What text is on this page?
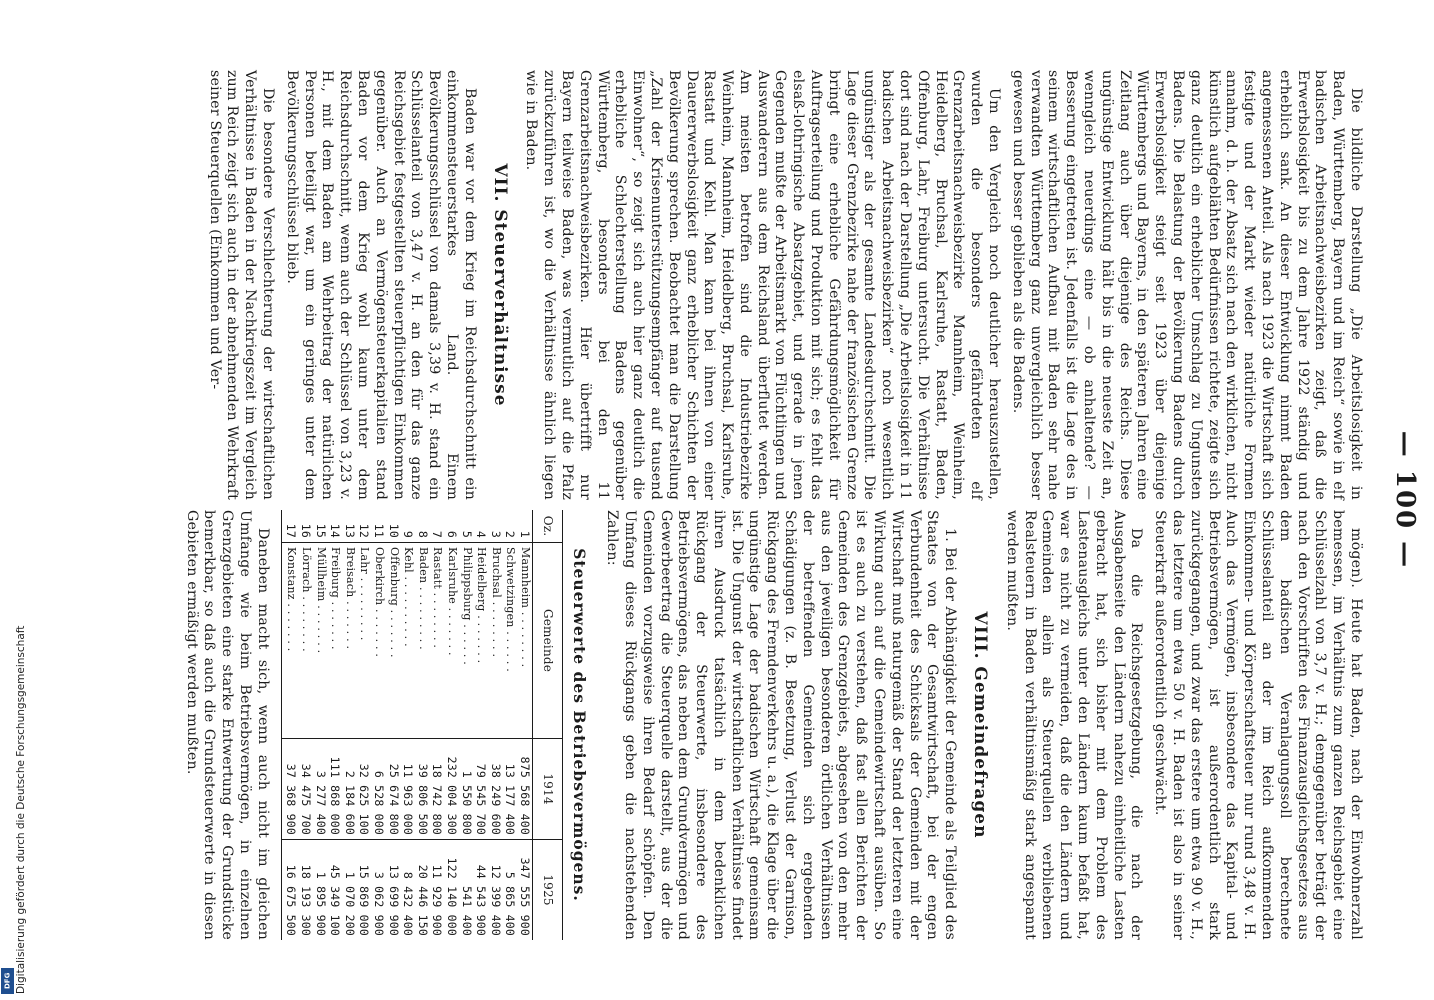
— 100 —

Die bildliche Darstellung „Die Arbeitslosigkeit in Baden, Württemberg, Bayern und im Reich“ sowie in elf badischen Arbeitsnachweisbezirken zeigt, daß die Erwerbslosigkeit bis zu dem Jahre 1922 ständig und erheblich sank. An dieser Entwicklung nimmt Baden angemessenen Anteil. Als nach 1923 die Wirtschaft sich festigte und der Markt wieder natürliche Formen annahm, d. h. der Absatz sich nach den wirklichen, nicht künstlich aufgeblähten Bedürfnissen richtete, zeigte sich ganz deutlich ein erheblicher Umschlag zu Ungunsten Badens. Die Belastung der Bevölkerung Badens durch Erwerbslosigkeit steigt seit 1923 über diejenige Württembergs und Bayerns, in den späteren Jahren eine Zeitlang auch über diejenige des Reichs. Diese ungünstige Entwicklung hält bis in die neueste Zeit an, wenngleich neuerdings eine — ob anhaltende? — Besserung eingetreten ist. Jedenfalls ist die Lage des in seinem wirtschaftlichen Aufbau mit Baden sehr nahe verwandten Württemberg ganz unvergleichlich besser gewesen und besser geblieben als die Badens.

Um den Vergleich noch deutlicher herauszustellen, wurden die besonders gefährdeten elf Grenzarbeitsnachweisbezirke Mannheim, Weinheim, Heidelberg, Bruchsal, Karlsruhe, Rastatt, Baden, Offenburg, Lahr, Freiburg untersucht. Die Verhältnisse dort sind nach der Darstellung „Die Arbeitslosigkeit in 11 badischen Arbeitsnachweisbezirken“ noch wesentlich ungünstiger als der gesamte Landesdurchschnitt. Die Lage dieser Grenzbezirke nahe der französischen Grenze bringt eine erhebliche Gefährdungsmöglichkeit für Auftragserteilung und Produktion mit sich; es fehlt das elsaß-lothringische Absatzgebiet, und gerade in jenen Gegenden mußte der Arbeitsmarkt von Flüchtlingen und Auswanderern aus dem Reichsland überflutet werden. Am meisten betroffen sind die Industriebezirke Weinheim, Mannheim, Heidelberg, Bruchsal, Karlsruhe, Rastatt und Kehl. Man kann bei ihnen von einer Dauererwerbslosigkeit ganz erheblicher Schichten der Bevölkerung sprechen. Beobachtet man die Darstellung „Zahl der Krisenunterstützungsempfänger auf tausend Einwohner“, so zeigt sich auch hier ganz deutlich die erhebliche Schlechterstellung Badens gegenüber Württemberg, besonders bei den 11 Grenzarbeitsnachweisbezirken. Hier übertrifft nur Bayern teilweise Baden, was vermutlich auf die Pfalz zurückzuführen ist, wo die Verhältnisse ähnlich liegen wie in Baden.

VII. Steuerverhältnisse

Baden war vor dem Krieg im Reichsdurchschnitt ein einkommensteuerstarkes Land. Einem Bevölkerungsschlüssel von damals 3,39 v. H. stand ein Schlüsselanteil von 3,47 v. H. an den für das ganze Reichsgebiet festgestellten steuerpflichtigen Einkommen gegenüber. Auch an Vermögensteuerkapitalien stand Baden vor dem Krieg wohl kaum unter dem Reichsdurchschnitt, wenn auch der Schlüssel von 3,23 v. H., mit dem Baden am Wehrbeitrag der natürlichen Personen beteiligt war, um ein geringes unter dem Bevölkerungsschlüssel blieb.

Die besondere Verschlechterung der wirtschaftlichen Verhältnisse in Baden in der Nachkriegszeit im Vergleich zum Reich zeigt sich auch in der abnehmenden Wehrkraft seiner Steuerquellen (Einkommen und Ver-

mögen). Heute hat Baden, nach der Einwohnerzahl bemessen, im Verhältnis zum ganzen Reichsgebiet eine Schlüsselzahl von 3,7 v. H.; demgegenüber beträgt der nach den Vorschriften des Finanzausgleichsgesetzes aus dem badischen Veranlagungssoll berechnete Schlüsselanteil an der im Reich aufkommenden Einkommen- und Körperschaftsteuer nur rund 3,48 v. H. Auch das Vermögen, insbesondere das Kapital- und Betriebsvermögen, ist außerordentlich stark zurückgegangen, und zwar das erstere um etwa 90 v. H., das letztere um etwa 50 v. H. Baden ist also in seiner Steuerkraft außerordentlich geschwächt.

Da die Reichsgesetzgebung, die nach der Ausgabenseite den Ländern nahezu einheitliche Lasten gebracht hat, sich bisher mit dem Problem des Lastenausgleichs unter den Ländern kaum befaßt hat, war es nicht zu vermeiden, daß die den Ländern und Gemeinden allein als Steuerquellen verbliebenen Realsteuern in Baden verhältnismäßig stark angespannt werden mußten.

VIII. Gemeindefragen

1. Bei der Abhängigkeit der Gemeinde als Teilglied des Staates von der Gesamtwirtschaft, bei der engen Verbundenheit des Schicksals der Gemeinden mit der Wirtschaft muß naturgemäß der Stand der letzteren eine Wirkung auch auf die Gemeindewirtschaft ausüben. So ist es auch zu verstehen, daß fast allen Berichten der Gemeinden des Grenzgebiets, abgesehen von den mehr aus den jeweiligen besonderen örtlichen Verhältnissen der betreffenden Gemeinden sich ergebenden Schädigungen (z. B. Besetzung, Verlust der Garnison, Rückgang des Fremdenverkehrs u. a.), die Klage über die ungünstige Lage der badischen Wirtschaft gemeinsam ist. Die Ungunst der wirtschaftlichen Verhältnisse findet ihren Ausdruck tatsächlich in dem bedenklichen Rückgang der Steuerwerte, insbesondere des Betriebsvermögens, das neben dem Grundvermögen und Gewerbeertrag die Steuerquelle darstellt, aus der die Gemeinden vorzugsweise ihren Bedarf schöpfen. Den Umfang dieses Rückgangs geben die nachstehenden Zahlen:

Steuerwerte des Betriebsvermögens.
Oz.	Gemeinde	1914	1925
1	Mannheim . . . . . . . .	875 568 400	347 555 900
2	Schwetzingen . . . . . .	13 177 400	5 865 400
3	Bruchsal . . . . . . . .	38 249 600	12 399 400
4	Heidelberg . . . . . . .	79 545 700	44 543 900
5	Philippsburg . . . . . .	1 550 800	541 400
6	Karlsruhe . . . . . . .	232 004 300	122 140 000
7	Rastatt . . . . . . . .	18 742 800	11 929 900
8	Baden . . . . . . . . .	39 806 500	20 446 150
9	Kehl . . . . . . . . . .	11 963 000	8 432 400
10	Offenburg . . . . . . .	25 674 800	13 699 900
11	Oberkirch . . . . . . .	6 528 000	3 062 900
12	Lahr . . . . . . . . .	32 625 100	15 869 000
13	Breisach . . . . . . .	2 184 600	1 070 200
14	Freiburg . . . . . . .	111 868 000	45 349 100
15	Müllheim . . . . . . .	3 277 400	1 895 900
16	Lörrach . . . . . . . .	34 475 700	18 193 300
17	Konstanz . . . . . . .	37 368 900	16 675 500

Daneben macht sich, wenn auch nicht im gleichen Umfange wie beim Betriebsvermögen, in einzelnen Grenzgebieten eine starke Entwertung der Grundstücke bemerkbar, so daß auch die Grundsteuerwerte in diesen Gebieten ermäßigt werden mußten.

Digitalisierung gefördert durch die Deutsche Forschungsgemeinschaft
DFG
